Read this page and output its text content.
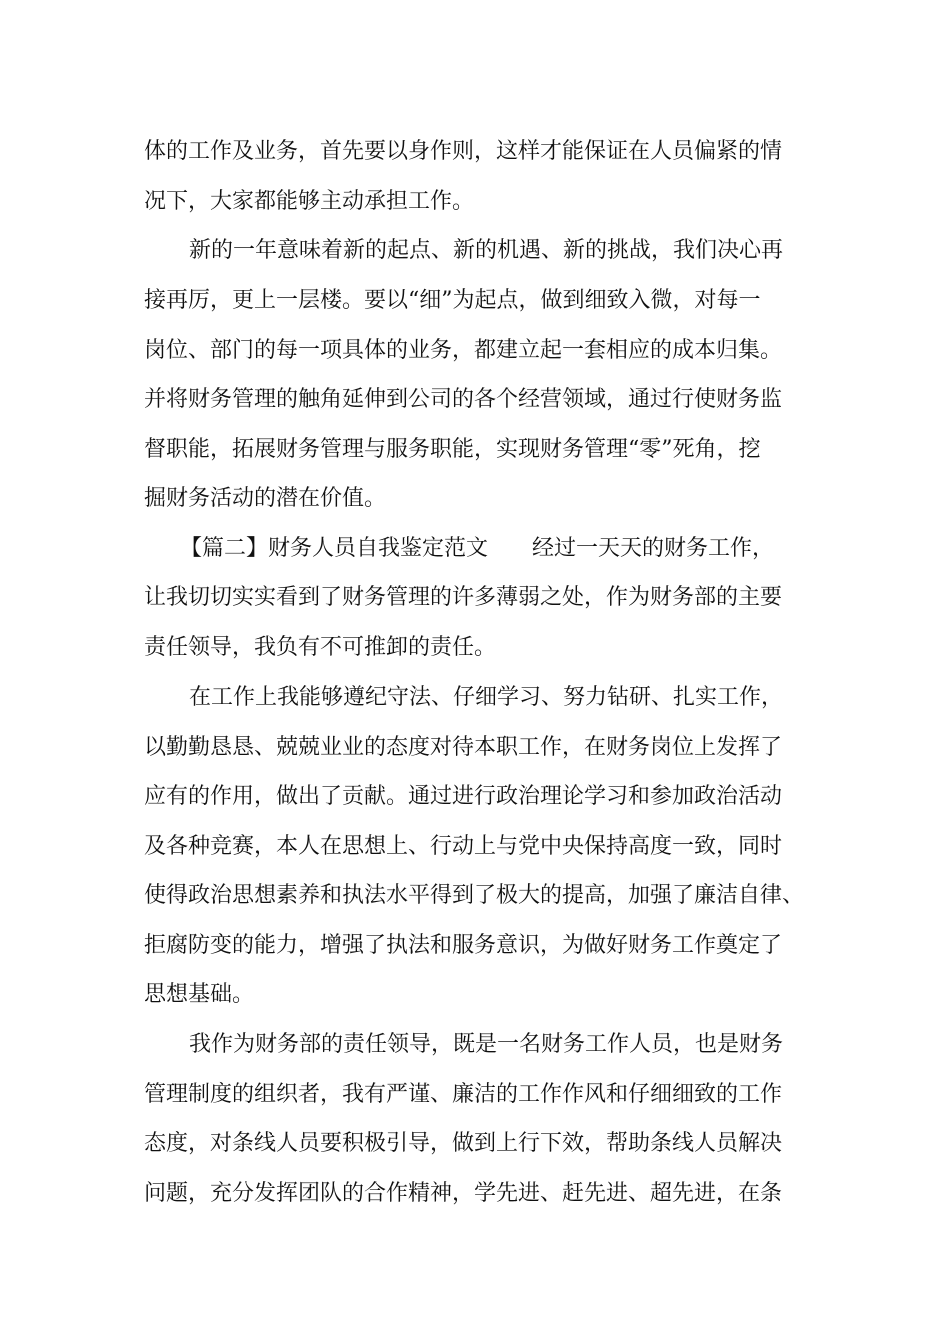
体的工作及业务，首先要以身作则，这样才能保证在人员偏紧的情
况下，大家都能够主动承担工作。
新的一年意味着新的起点、新的机遇、新的挑战，我们决心再
接再厉，更上一层楼。要以“细”为起点，做到细致入微，对每一
岗位、部门的每一项具体的业务，都建立起一套相应的成本归集。
并将财务管理的触角延伸到公司的各个经营领域，通过行使财务监
督职能，拓展财务管理与服务职能，实现财务管理“零”死角，挖
掘财务活动的潜在价值。
【篇二】财务人员自我鉴定范文　　经过一天天的财务工作，
让我切切实实看到了财务管理的许多薄弱之处，作为财务部的主要
责任领导，我负有不可推卸的责任。
在工作上我能够遵纪守法、仔细学习、努力钻研、扎实工作，
以勤勤恳恳、兢兢业业的态度对待本职工作，在财务岗位上发挥了
应有的作用，做出了贡献。通过进行政治理论学习和参加政治活动
及各种竞赛，本人在思想上、行动上与党中央保持高度一致，同时
使得政治思想素养和执法水平得到了极大的提高，加强了廉洁自律、
拒腐防变的能力，增强了执法和服务意识，为做好财务工作奠定了
思想基础。
我作为财务部的责任领导，既是一名财务工作人员，也是财务
管理制度的组织者，我有严谨、廉洁的工作作风和仔细细致的工作
态度，对条线人员要积极引导，做到上行下效，帮助条线人员解决
问题，充分发挥团队的合作精神，学先进、赶先进、超先进，在条
